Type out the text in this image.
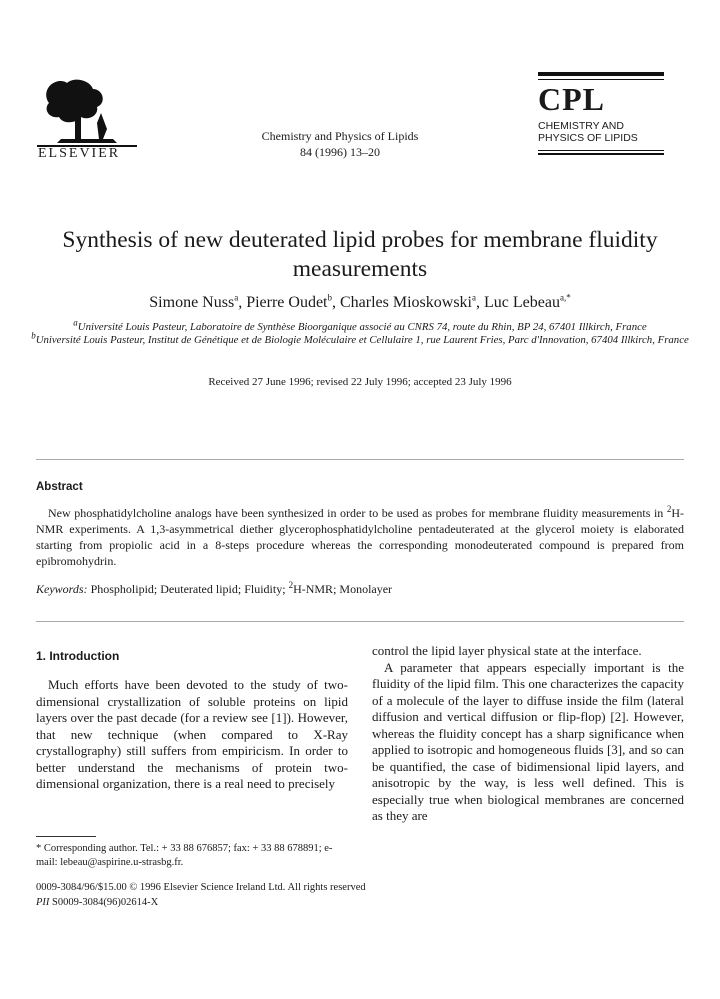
ELSEVIER
Chemistry and Physics of Lipids
84 (1996) 13–20
CPL
CHEMISTRY AND
PHYSICS OF LIPIDS
Synthesis of new deuterated lipid probes for membrane fluidity measurements
Simone Nuss$^a$, Pierre Oudet$^b$, Charles Mioskowski$^a$, Luc Lebeau$^{a,*}$
$^a$Université Louis Pasteur, Laboratoire de Synthèse Bioorganique associé au CNRS 74, route du Rhin, BP 24, 67401 Illkirch, France
$^b$Université Louis Pasteur, Institut de Génétique et de Biologie Moléculaire et Cellulaire 1, rue Laurent Fries, Parc d'Innovation, 67404 Illkirch, France
Received 27 June 1996; revised 22 July 1996; accepted 23 July 1996
Abstract
New phosphatidylcholine analogs have been synthesized in order to be used as probes for membrane fluidity measurements in $^2$H-NMR experiments. A 1,3-asymmetrical diether glycerophosphatidylcholine pentadeuterated at the glycerol moiety is elaborated starting from propiolic acid in a 8-steps procedure whereas the corresponding monodeuterated compound is prepared from epibromohydrin.
Keywords: Phospholipid; Deuterated lipid; Fluidity; $^2$H-NMR; Monolayer
1. Introduction

Much efforts have been devoted to the study of two-dimensional crystallization of soluble proteins on lipid layers over the past decade (for a review see [1]). However, that new technique (when compared to X-Ray crystallography) still suffers from empiricism. In order to better understand the mechanisms of protein two-dimensional organization, there is a real need to precisely

control the lipid layer physical state at the interface.

A parameter that appears especially important is the fluidity of the lipid film. This one characterizes the capacity of a molecule of the layer to diffuse inside the film (lateral diffusion and vertical diffusion or flip-flop) [2]. However, whereas the fluidity concept has a sharp significance when applied to isotropic and homogeneous fluids [3], and so can be quantified, the case of bidimensional lipid layers, and anisotropic by the way, is less well defined. This is especially true when biological membranes are concerned as they are

* Corresponding author. Tel.: + 33 88 676857; fax: + 33 88 678891; e-mail: lebeau@aspirine.u-strasbg.fr.
0009-3084/96/$15.00 © 1996 Elsevier Science Ireland Ltd. All rights reserved
PII S0009-3084(96)02614-X
